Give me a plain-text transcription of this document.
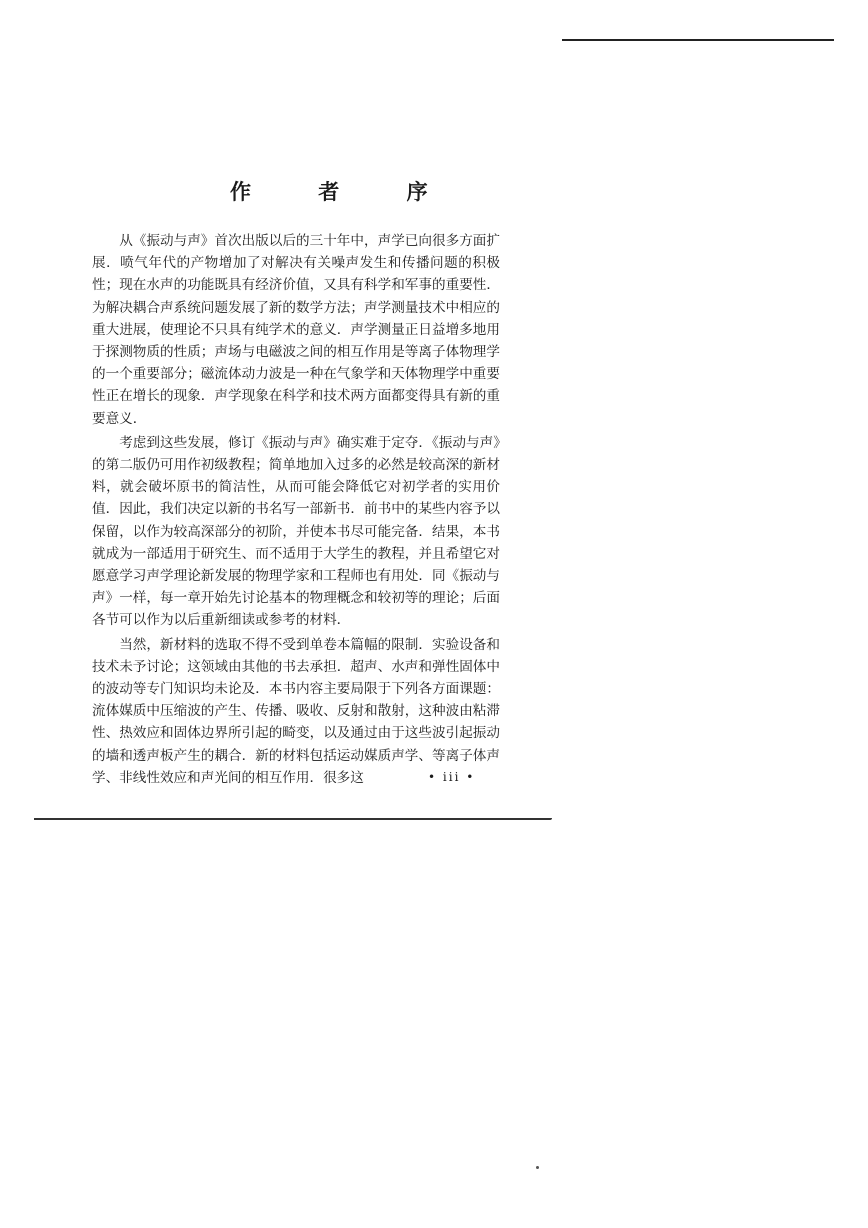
作 者 序

从《振动与声》首次出版以后的三十年中，声学已向很多方面扩展．喷气年代的产物增加了对解决有关噪声发生和传播问题的积极性；现在水声的功能既具有经济价值，又具有科学和军事的重要性．为解决耦合声系统问题发展了新的数学方法；声学测量技术中相应的重大进展，使理论不只具有纯学术的意义．声学测量正日益增多地用于探测物质的性质；声场与电磁波之间的相互作用是等离子体物理学的一个重要部分；磁流体动力波是一种在气象学和天体物理学中重要性正在增长的现象．声学现象在科学和技术两方面都变得具有新的重要意义．

考虑到这些发展，修订《振动与声》确实难于定夺．《振动与声》的第二版仍可用作初级教程；简单地加入过多的必然是较高深的新材料，就会破坏原书的简洁性，从而可能会降低它对初学者的实用价值．因此，我们决定以新的书名写一部新书．前书中的某些内容予以保留，以作为较高深部分的初阶，并使本书尽可能完备．结果，本书就成为一部适用于研究生、而不适用于大学生的教程，并且希望它对愿意学习声学理论新发展的物理学家和工程师也有用处．同《振动与声》一样，每一章开始先讨论基本的物理概念和较初等的理论；后面各节可以作为以后重新细读或参考的材料．

当然，新材料的选取不得不受到单卷本篇幅的限制．实验设备和技术未予讨论；这领域由其他的书去承担．超声、水声和弹性固体中的波动等专门知识均未论及．本书内容主要局限于下列各方面课题：流体媒质中压缩波的产生、传播、吸收、反射和散射，这种波由粘滞性、热效应和固体边界所引起的畸变，以及通过由于这些波引起振动的墙和透声板产生的耦合．新的材料包括运动媒质声学、等离子体声学、非线性效应和声光间的相互作用．很多这	• iii •
